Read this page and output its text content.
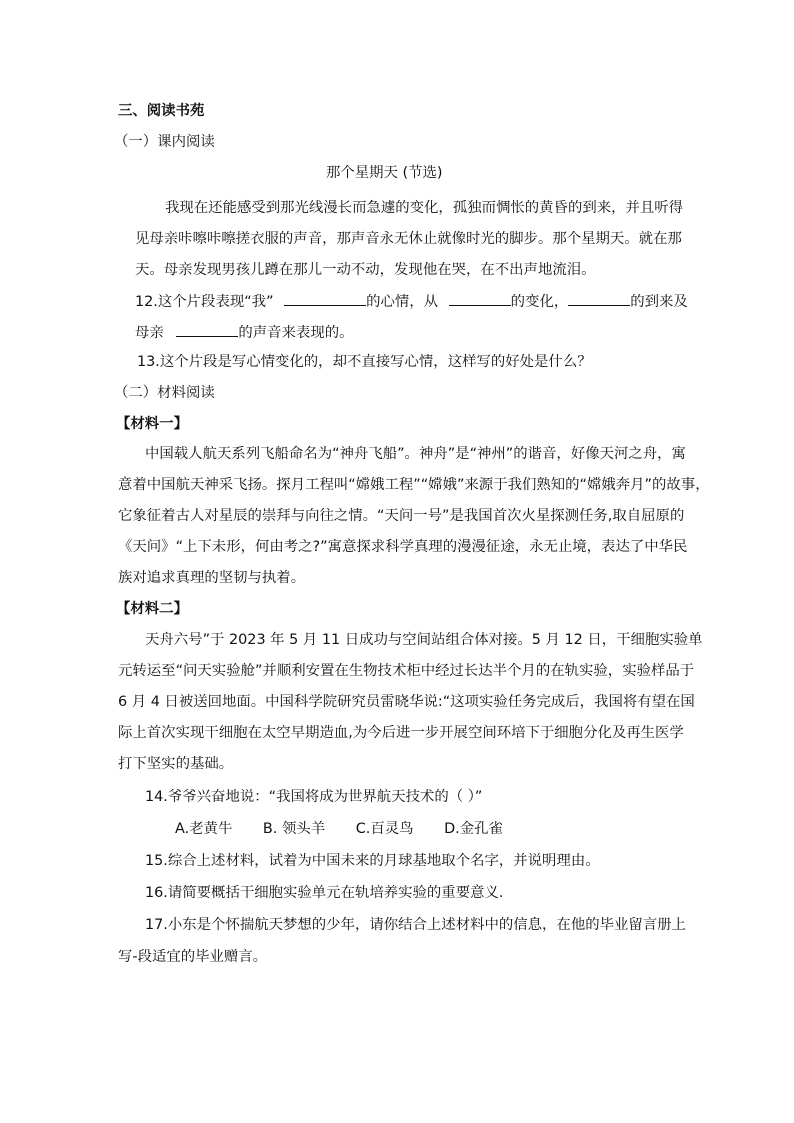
三、阅读书苑
（一）课内阅读
那个星期天 (节选)
我现在还能感受到那光线漫长而急遽的变化，孤独而惆怅的黄昏的到来，并且听得
见母亲咔嚓咔嚓搓衣服的声音，那声音永无休止就像时光的脚步。那个星期天。就在那
天。母亲发现男孩儿蹲在那儿一动不动，发现他在哭，在不出声地流泪。
12.这个片段表现“我”	的心情，从	的变化，	的到来及
母亲	的声音来表现的。
13.这个片段是写心情变化的，却不直接写心情，这样写的好处是什么？
（二）材料阅读
【材料一】
中国载人航天系列飞船命名为“神舟飞船”。神舟”是“神州”的谐音，好像天河之舟，寓
意着中国航天神采飞扬。探月工程叫“嫦娥工程”“嫦娥”来源于我们熟知的“嫦娥奔月”的故事，
它象征着古人对星辰的崇拜与向往之情。“天问一号”是我国首次火星探测任务,取自屈原的
《天问》“上下未形，何由考之?”寓意探求科学真理的漫漫征途，永无止境，表达了中华民
族对追求真理的坚韧与执着。
【材料二】
天舟六号”于 2023 年 5 月 11 日成功与空间站组合体对接。5 月 12 日，干细胞实验单
元转运至“问天实验舱”并顺利安置在生物技术柜中经过长达半个月的在轨实验，实验样品于
6 月 4 日被送回地面。中国科学院研究员雷晓华说:“这项实验任务完成后，我国将有望在国
际上首次实现干细胞在太空早期造血,为今后进一步开展空间环培下于细胞分化及再生医学
打下坚实的基础。
14.爷爷兴奋地说：“我国将成为世界航天技术的（ ）”
A.老黄牛 B. 领头羊 C.百灵鸟 D.金孔雀
15.综合上述材料，试着为中国未来的月球基地取个名字，并说明理由。
16.请简要概括干细胞实验单元在轨培养实验的重要意义.
17.小东是个怀揣航天梦想的少年，请你结合上述材料中的信息，在他的毕业留言册上
写-段适宜的毕业赠言。
